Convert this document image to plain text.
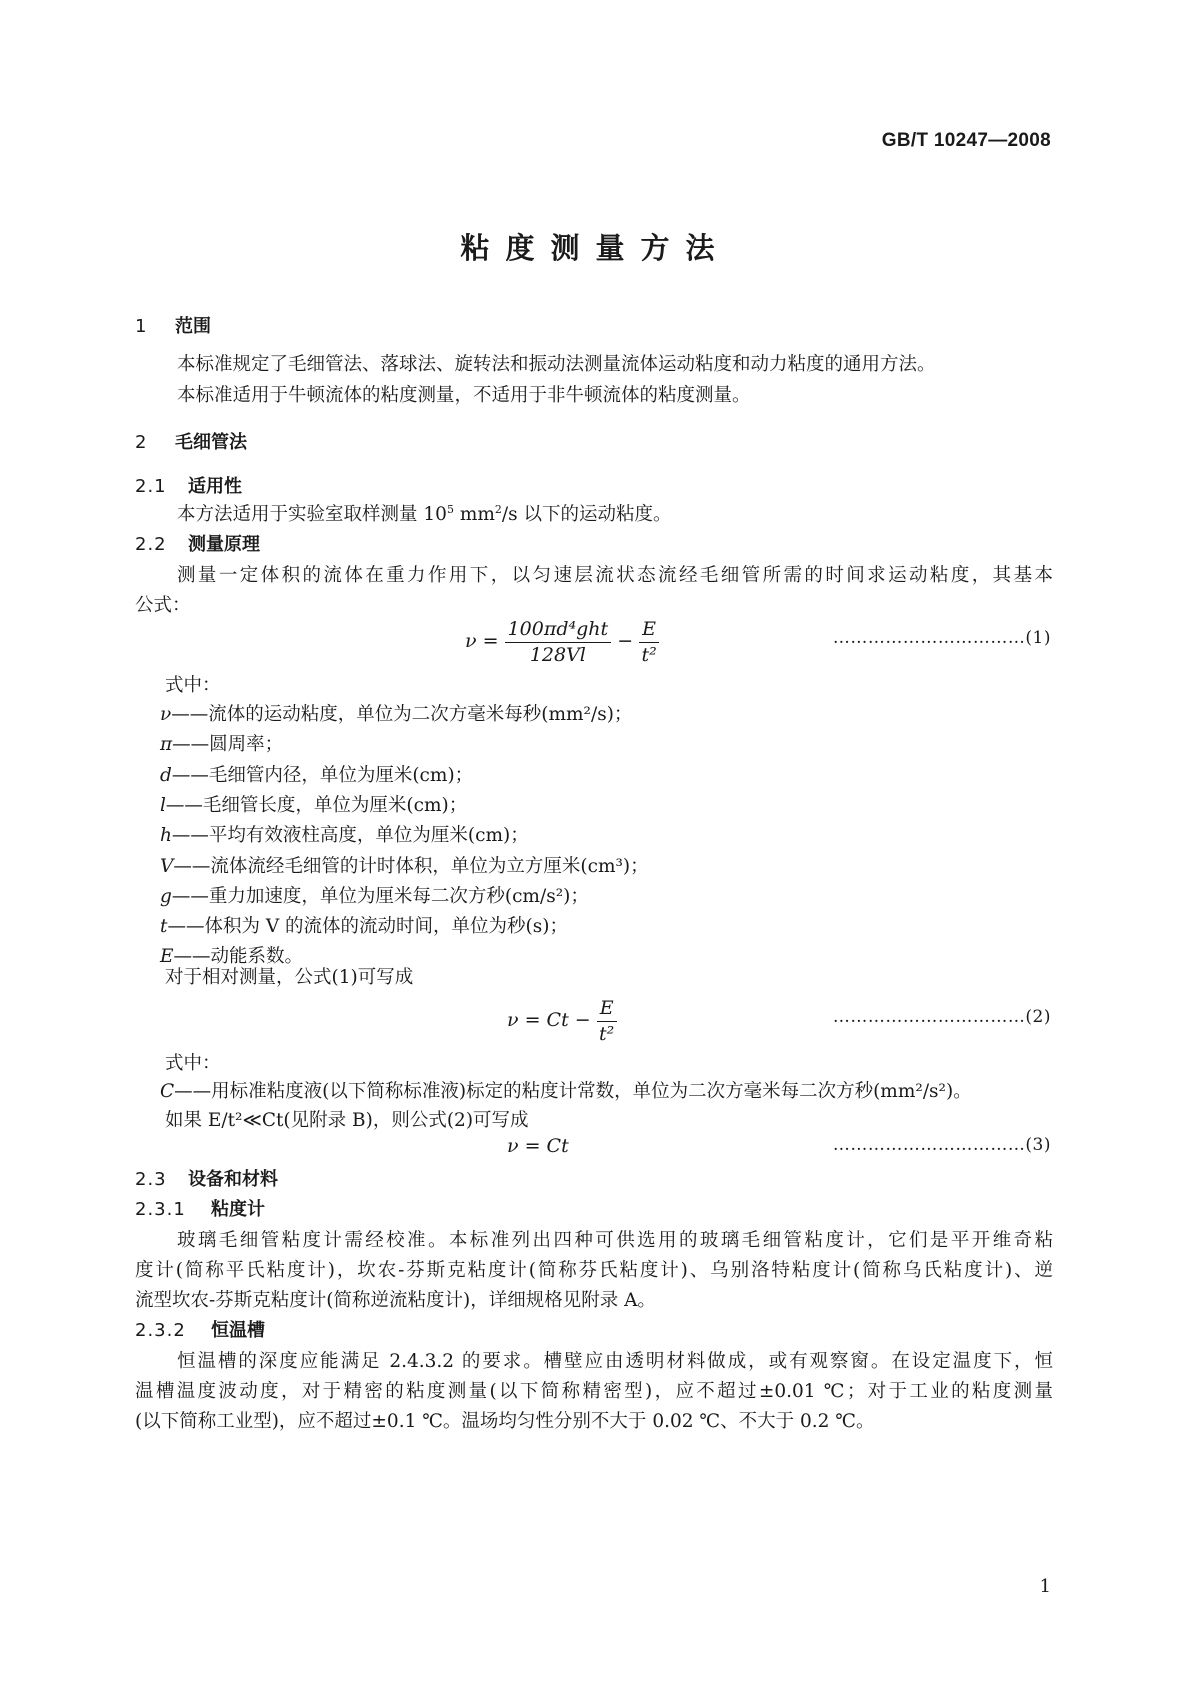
GB/T 10247—2008
粘度测量方法
1 范围
本标准规定了毛细管法、落球法、旋转法和振动法测量流体运动粘度和动力粘度的通用方法。
本标准适用于牛顿流体的粘度测量，不适用于非牛顿流体的粘度测量。
2 毛细管法
2.1 适用性
本方法适用于实验室取样测量 $10^5$ $mm^2/s$ 以下的运动粘度。
2.2 测量原理
测量一定体积的流体在重力作用下，以匀速层流状态流经毛细管所需的时间求运动粘度，其基本
公式：
$\nu = \frac{\text{100πd⁴ght}}{128Vl} - \frac{E}{\text{t²}}$	……………………………(1)
式中：
ν——流体的运动粘度，单位为二次方毫米每秒(mm²/s)；
π——圆周率；
d——毛细管内径，单位为厘米(cm)；
l——毛细管长度，单位为厘米(cm)；
h——平均有效液柱高度，单位为厘米(cm)；
V——流体流经毛细管的计时体积，单位为立方厘米(cm³)；
g——重力加速度，单位为厘米每二次方秒(cm/s²)；
t——体积为 V 的流体的流动时间，单位为秒(s)；
E——动能系数。
对于相对测量，公式(1)可写成
$\nu = Ct - \frac{E}{\text{t²}}$	……………………………(2)
式中：
C——用标准粘度液(以下简称标准液)标定的粘度计常数，单位为二次方毫米每二次方秒(mm²/s²)。
如果 E/t²≪Ct(见附录 B)，则公式(2)可写成
ν = Ct	……………………………(3)
2.3 设备和材料
2.3.1 粘度计
玻璃毛细管粘度计需经校准。本标准列出四种可供选用的玻璃毛细管粘度计，它们是平开维奇粘
度计(简称平氏粘度计)，坎农-芬斯克粘度计(简称芬氏粘度计)、乌别洛特粘度计(简称乌氏粘度计)、逆
流型坎农-芬斯克粘度计(简称逆流粘度计)，详细规格见附录 A。
2.3.2 恒温槽
恒温槽的深度应能满足 2.4.3.2 的要求。槽壁应由透明材料做成，或有观察窗。在设定温度下，恒
温槽温度波动度，对于精密的粘度测量(以下简称精密型)，应不超过±0.01 ℃；对于工业的粘度测量
(以下简称工业型)，应不超过±0.1 ℃。温场均匀性分别不大于 0.02 ℃、不大于 0.2 ℃。
1
